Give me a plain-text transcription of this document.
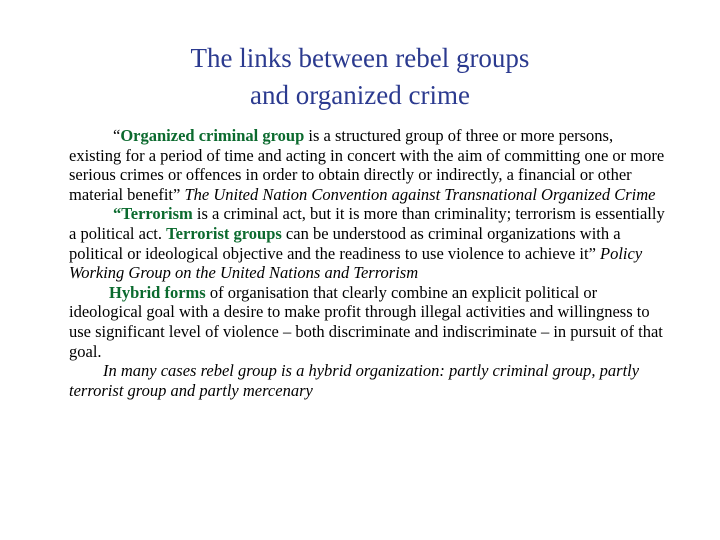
The links between rebel groups
and organized crime

“Organized criminal group is a structured group of three or more persons, existing for a period of time and acting in concert with the aim of committing one or more serious crimes or offences in order to obtain directly or indirectly, a financial or other material benefit” The United Nation Convention against Transnational Organized Crime

“Terrorism is a criminal act, but it is more than criminality; terrorism is essentially a political act. Terrorist groups can be understood as criminal organizations with a political or ideological objective and the readiness to use violence to achieve it” Policy Working Group on the United Nations and Terrorism

Hybrid forms of organisation that clearly combine an explicit political or ideological goal with a desire to make profit through illegal activities and willingness to use significant level of violence – both discriminate and indiscriminate – in pursuit of that goal.

In many cases rebel group is a hybrid organization: partly criminal group, partly terrorist group and partly mercenary
